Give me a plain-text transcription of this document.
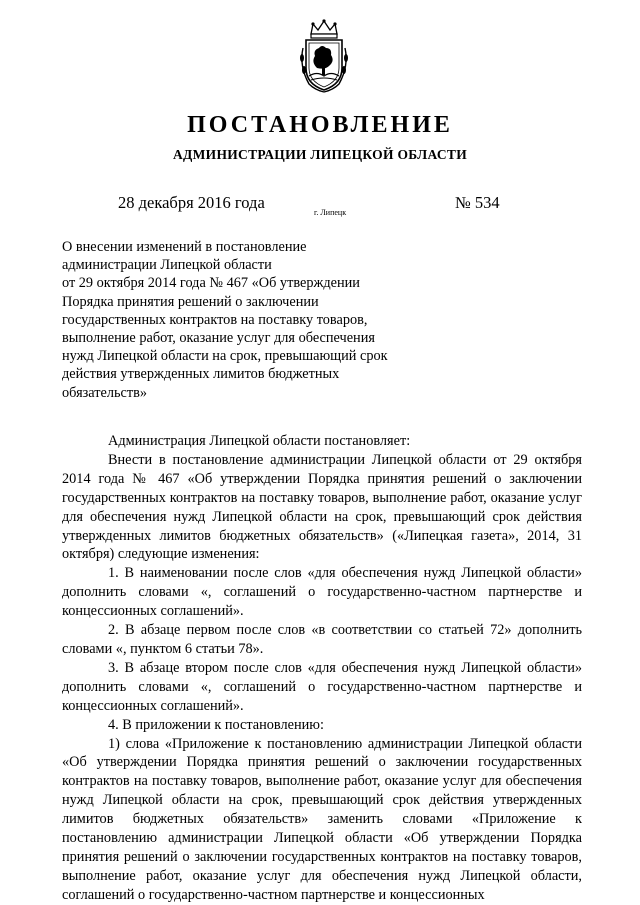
ПОСТАНОВЛЕНИЕ
АДМИНИСТРАЦИИ ЛИПЕЦКОЙ ОБЛАСТИ
28 декабря 2016 года
г. Липецк
№ 534
О внесении изменений в постановление
администрации Липецкой области
от 29 октября 2014 года № 467 «Об утверждении
Порядка принятия решений о заключении
государственных контрактов на поставку товаров,
выполнение работ, оказание услуг для обеспечения
нужд Липецкой области на срок, превышающий срок
действия утвержденных лимитов бюджетных
обязательств»

Администрация Липецкой области постановляет:

Внести в постановление администрации Липецкой области от 29 октября 2014 года № 467 «Об утверждении Порядка принятия решений о заключении государственных контрактов на поставку товаров, выполнение работ, оказание услуг для обеспечения нужд Липецкой области на срок, превышающий срок действия утвержденных лимитов бюджетных обязательств» («Липецкая газета», 2014, 31 октября) следующие изменения:

1. В наименовании после слов «для обеспечения нужд Липецкой области» дополнить словами «, соглашений о государственно-частном партнерстве и концессионных соглашений».

2. В абзаце первом после слов «в соответствии со статьей 72» дополнить словами «, пунктом 6 статьи 78».

3. В абзаце втором после слов «для обеспечения нужд Липецкой области» дополнить словами «, соглашений о государственно-частном партнерстве и концессионных соглашений».

4. В приложении к постановлению:

1) слова «Приложение к постановлению администрации Липецкой области «Об утверждении Порядка принятия решений о заключении государственных контрактов на поставку товаров, выполнение работ, оказание услуг для обеспечения нужд Липецкой области на срок, превышающий срок действия утвержденных лимитов бюджетных обязательств» заменить словами «Приложение к постановлению администрации Липецкой области «Об утверждении Порядка принятия решений о заключении государственных контрактов на поставку товаров, выполнение работ, оказание услуг для обеспечения нужд Липецкой области, соглашений о государственно-частном партнерстве и концессионных
